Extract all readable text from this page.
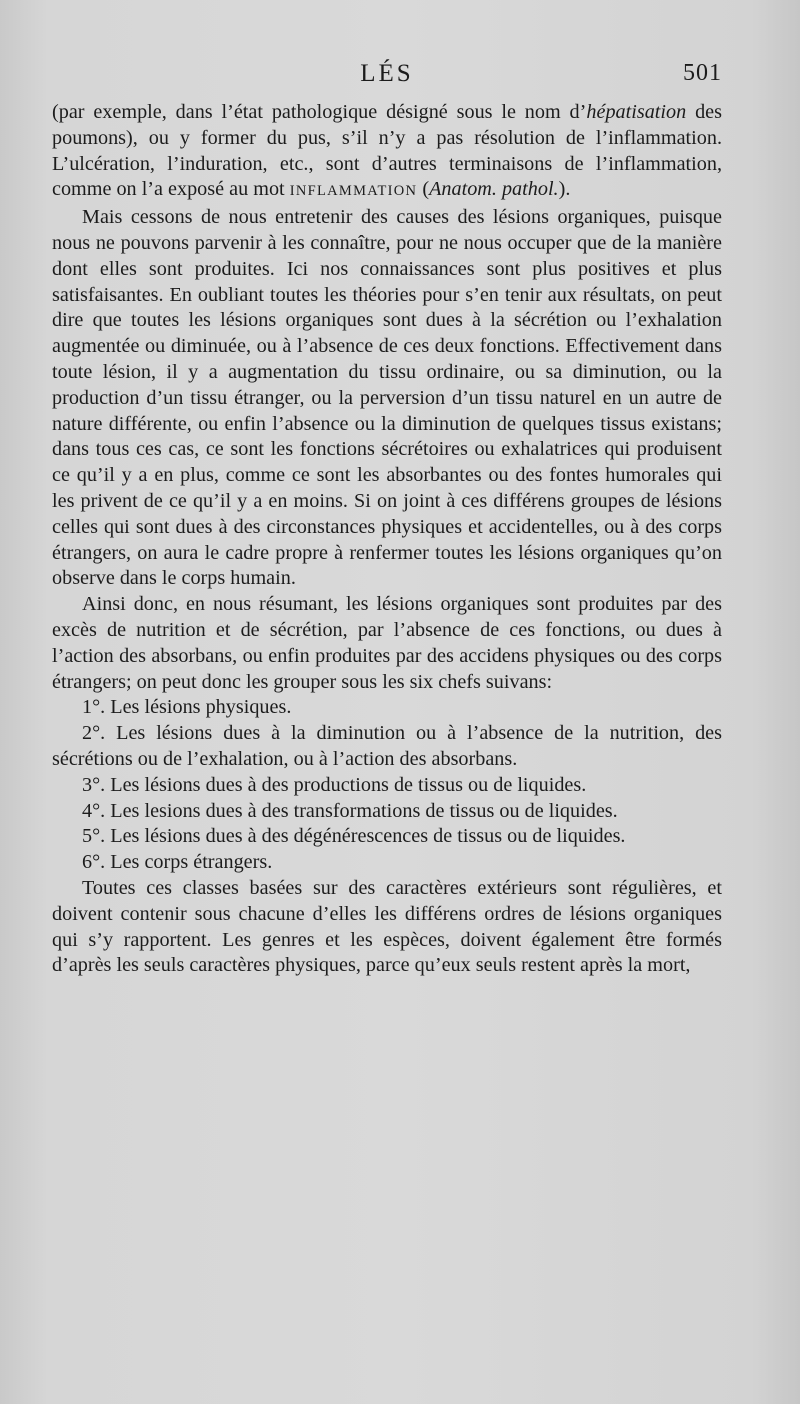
LÉS	501

(par exemple, dans l’état pathologique désigné sous le nom d’hépatisation des poumons), ou y former du pus, s’il n’y a pas résolution de l’inflammation. L’ulcération, l’induration, etc., sont d’autres terminaisons de l’inflammation, comme on l’a exposé au mot INFLAMMATION (Anatom. pathol.).

Mais cessons de nous entretenir des causes des lésions organiques, puisque nous ne pouvons parvenir à les connaître, pour ne nous occuper que de la manière dont elles sont produites. Ici nos connaissances sont plus positives et plus satisfaisantes. En oubliant toutes les théories pour s’en tenir aux résultats, on peut dire que toutes les lésions organiques sont dues à la sécrétion ou l’exhalation augmentée ou diminuée, ou à l’absence de ces deux fonctions. Effectivement dans toute lésion, il y a augmentation du tissu ordinaire, ou sa diminution, ou la production d’un tissu étranger, ou la perversion d’un tissu naturel en un autre de nature différente, ou enfin l’absence ou la diminution de quelques tissus existans; dans tous ces cas, ce sont les fonctions sécrétoires ou exhalatrices qui produisent ce qu’il y a en plus, comme ce sont les absorbantes ou des fontes humorales qui les privent de ce qu’il y a en moins. Si on joint à ces différens groupes de lésions celles qui sont dues à des circonstances physiques et accidentelles, ou à des corps étrangers, on aura le cadre propre à renfermer toutes les lésions organiques qu’on observe dans le corps humain.

Ainsi donc, en nous résumant, les lésions organiques sont produites par des excès de nutrition et de sécrétion, par l’absence de ces fonctions, ou dues à l’action des absorbans, ou enfin produites par des accidens physiques ou des corps étrangers; on peut donc les grouper sous les six chefs suivans:

1°. Les lésions physiques.

2°. Les lésions dues à la diminution ou à l’absence de la nutrition, des sécrétions ou de l’exhalation, ou à l’action des absorbans.

3°. Les lésions dues à des productions de tissus ou de liquides.

4°. Les lesions dues à des transformations de tissus ou de liquides.

5°. Les lésions dues à des dégénérescences de tissus ou de liquides.

6°. Les corps étrangers.

Toutes ces classes basées sur des caractères extérieurs sont régulières, et doivent contenir sous chacune d’elles les différens ordres de lésions organiques qui s’y rapportent. Les genres et les espèces, doivent également être formés d’après les seuls caractères physiques, parce qu’eux seuls restent après la mort,
